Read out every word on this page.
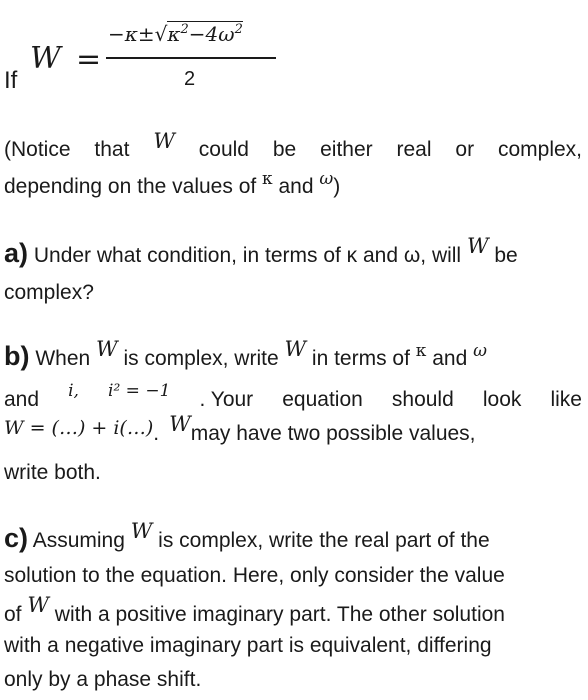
If
W =
$-\kappa\pm√\kappa^2-4\omega^2$
2
(Notice that W could be either real or complex,
depending on the values of $^\kappa$ and $^\omega$)
a) Under what condition, in terms of κ and ω, will W be
complex?
b) When W is complex, write W in terms of $^\kappa$ and $^\omega$
and i, i² = −1 . Your equation should look like
W = (…) + i(…). Wmay have two possible values,
write both.
c) Assuming W is complex, write the real part of the
solution to the equation. Here, only consider the value
of W with a positive imaginary part. The other solution
with a negative imaginary part is equivalent, differing
only by a phase shift.
